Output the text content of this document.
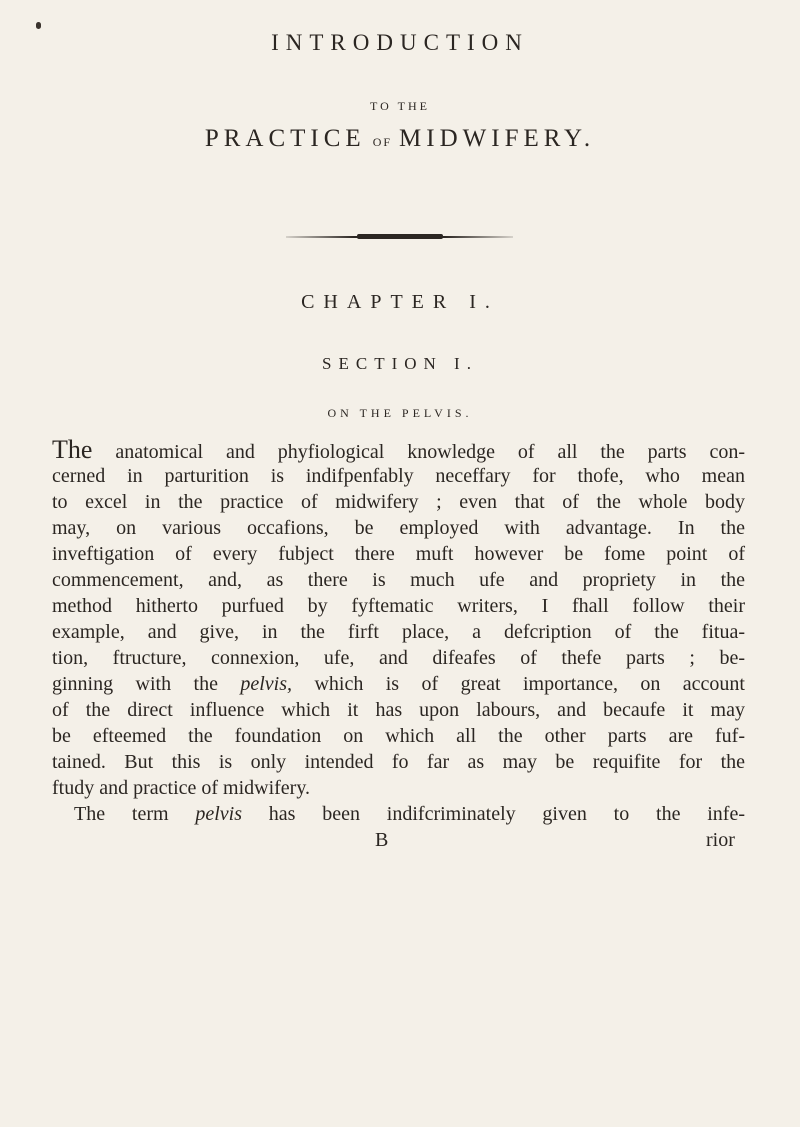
INTRODUCTION
TO THE
PRACTICE OF MIDWIFERY.
CHAPTER I.
SECTION I.
ON THE PELVIS.
The anatomical and phyfiological knowledge of all the parts con-
cerned in parturition is indifpenfably neceffary for thofe, who mean
to excel in the practice of midwifery ; even that of the whole body
may, on various occafions, be employed with advantage. In the
inveftigation of every fubject there muft however be fome point of
commencement, and, as there is much ufe and propriety in the
method hitherto purfued by fyftematic writers, I fhall follow their
example, and give, in the firft place, a defcription of the fitua-
tion, ftructure, connexion, ufe, and difeafes of thefe parts ; be-
ginning with the pelvis, which is of great importance, on account
of the direct influence which it has upon labours, and becaufe it may
be efteemed the foundation on which all the other parts are fuf-
tained. But this is only intended fo far as may be requifite for the
ftudy and practice of midwifery.
The term pelvis has been indifcriminately given to the infe-
B	rior
